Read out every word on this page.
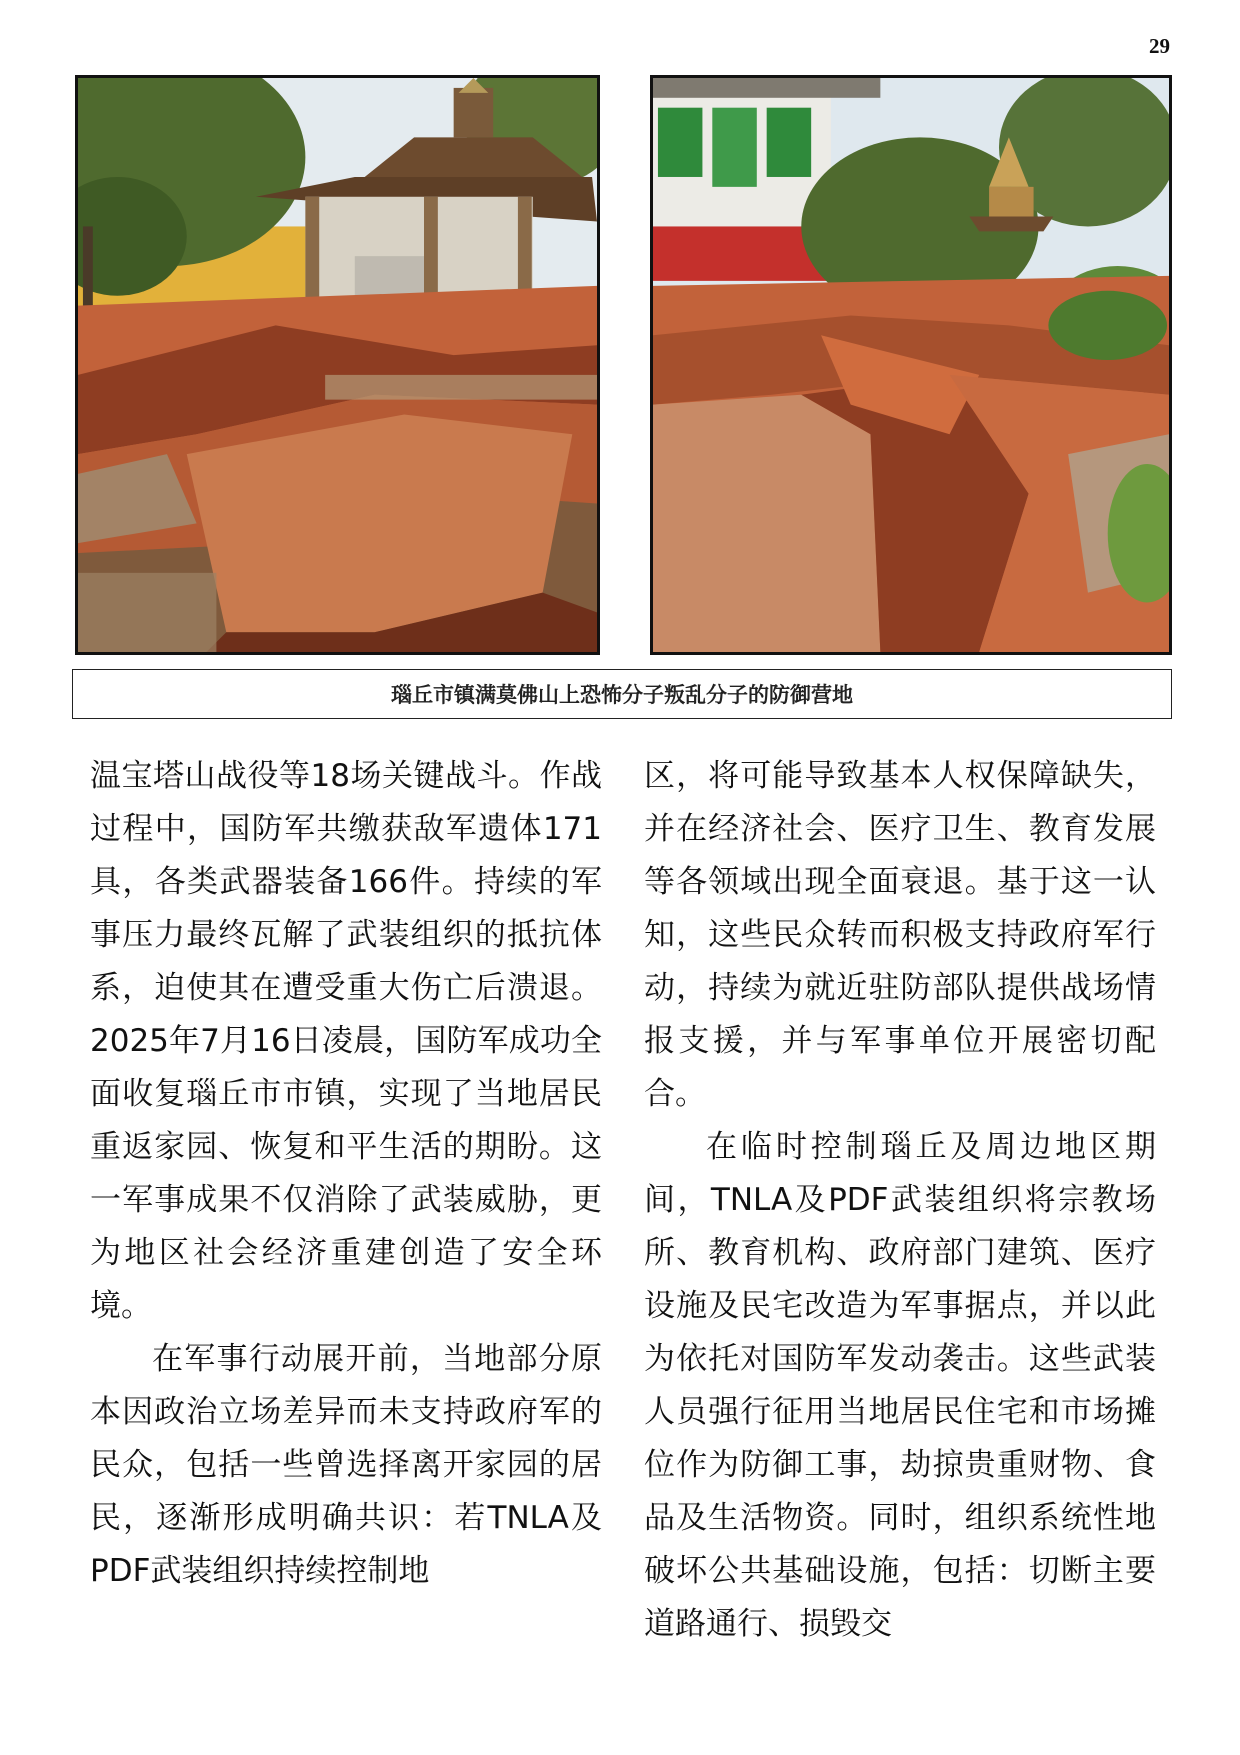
29
瑙丘市镇满莫佛山上恐怖分子叛乱分子的防御营地

温宝塔山战役等18场关键战斗。作战过程中，国防军共缴获敌军遗体171具，各类武器装备166件。持续的军事压力最终瓦解了武装组织的抵抗体系，迫使其在遭受重大伤亡后溃退。2025年7月16日凌晨，国防军成功全面收复瑙丘市市镇，实现了当地居民重返家园、恢复和平生活的期盼。这一军事成果不仅消除了武装威胁，更为地区社会经济重建创造了安全环境。

在军事行动展开前，当地部分原本因政治立场差异而未支持政府军的民众，包括一些曾选择离开家园的居民，逐渐形成明确共识：若TNLA及PDF武装组织持续控制地

区，将可能导致基本人权保障缺失，并在经济社会、医疗卫生、教育发展等各领域出现全面衰退。基于这一认知，这些民众转而积极支持政府军行动，持续为就近驻防部队提供战场情报支援，并与军事单位开展密切配合。

在临时控制瑙丘及周边地区期间，TNLA及PDF武装组织将宗教场所、教育机构、政府部门建筑、医疗设施及民宅改造为军事据点，并以此为依托对国防军发动袭击。这些武装人员强行征用当地居民住宅和市场摊位作为防御工事，劫掠贵重财物、食品及生活物资。同时，组织系统性地破坏公共基础设施，包括：切断主要道路通行、损毁交
